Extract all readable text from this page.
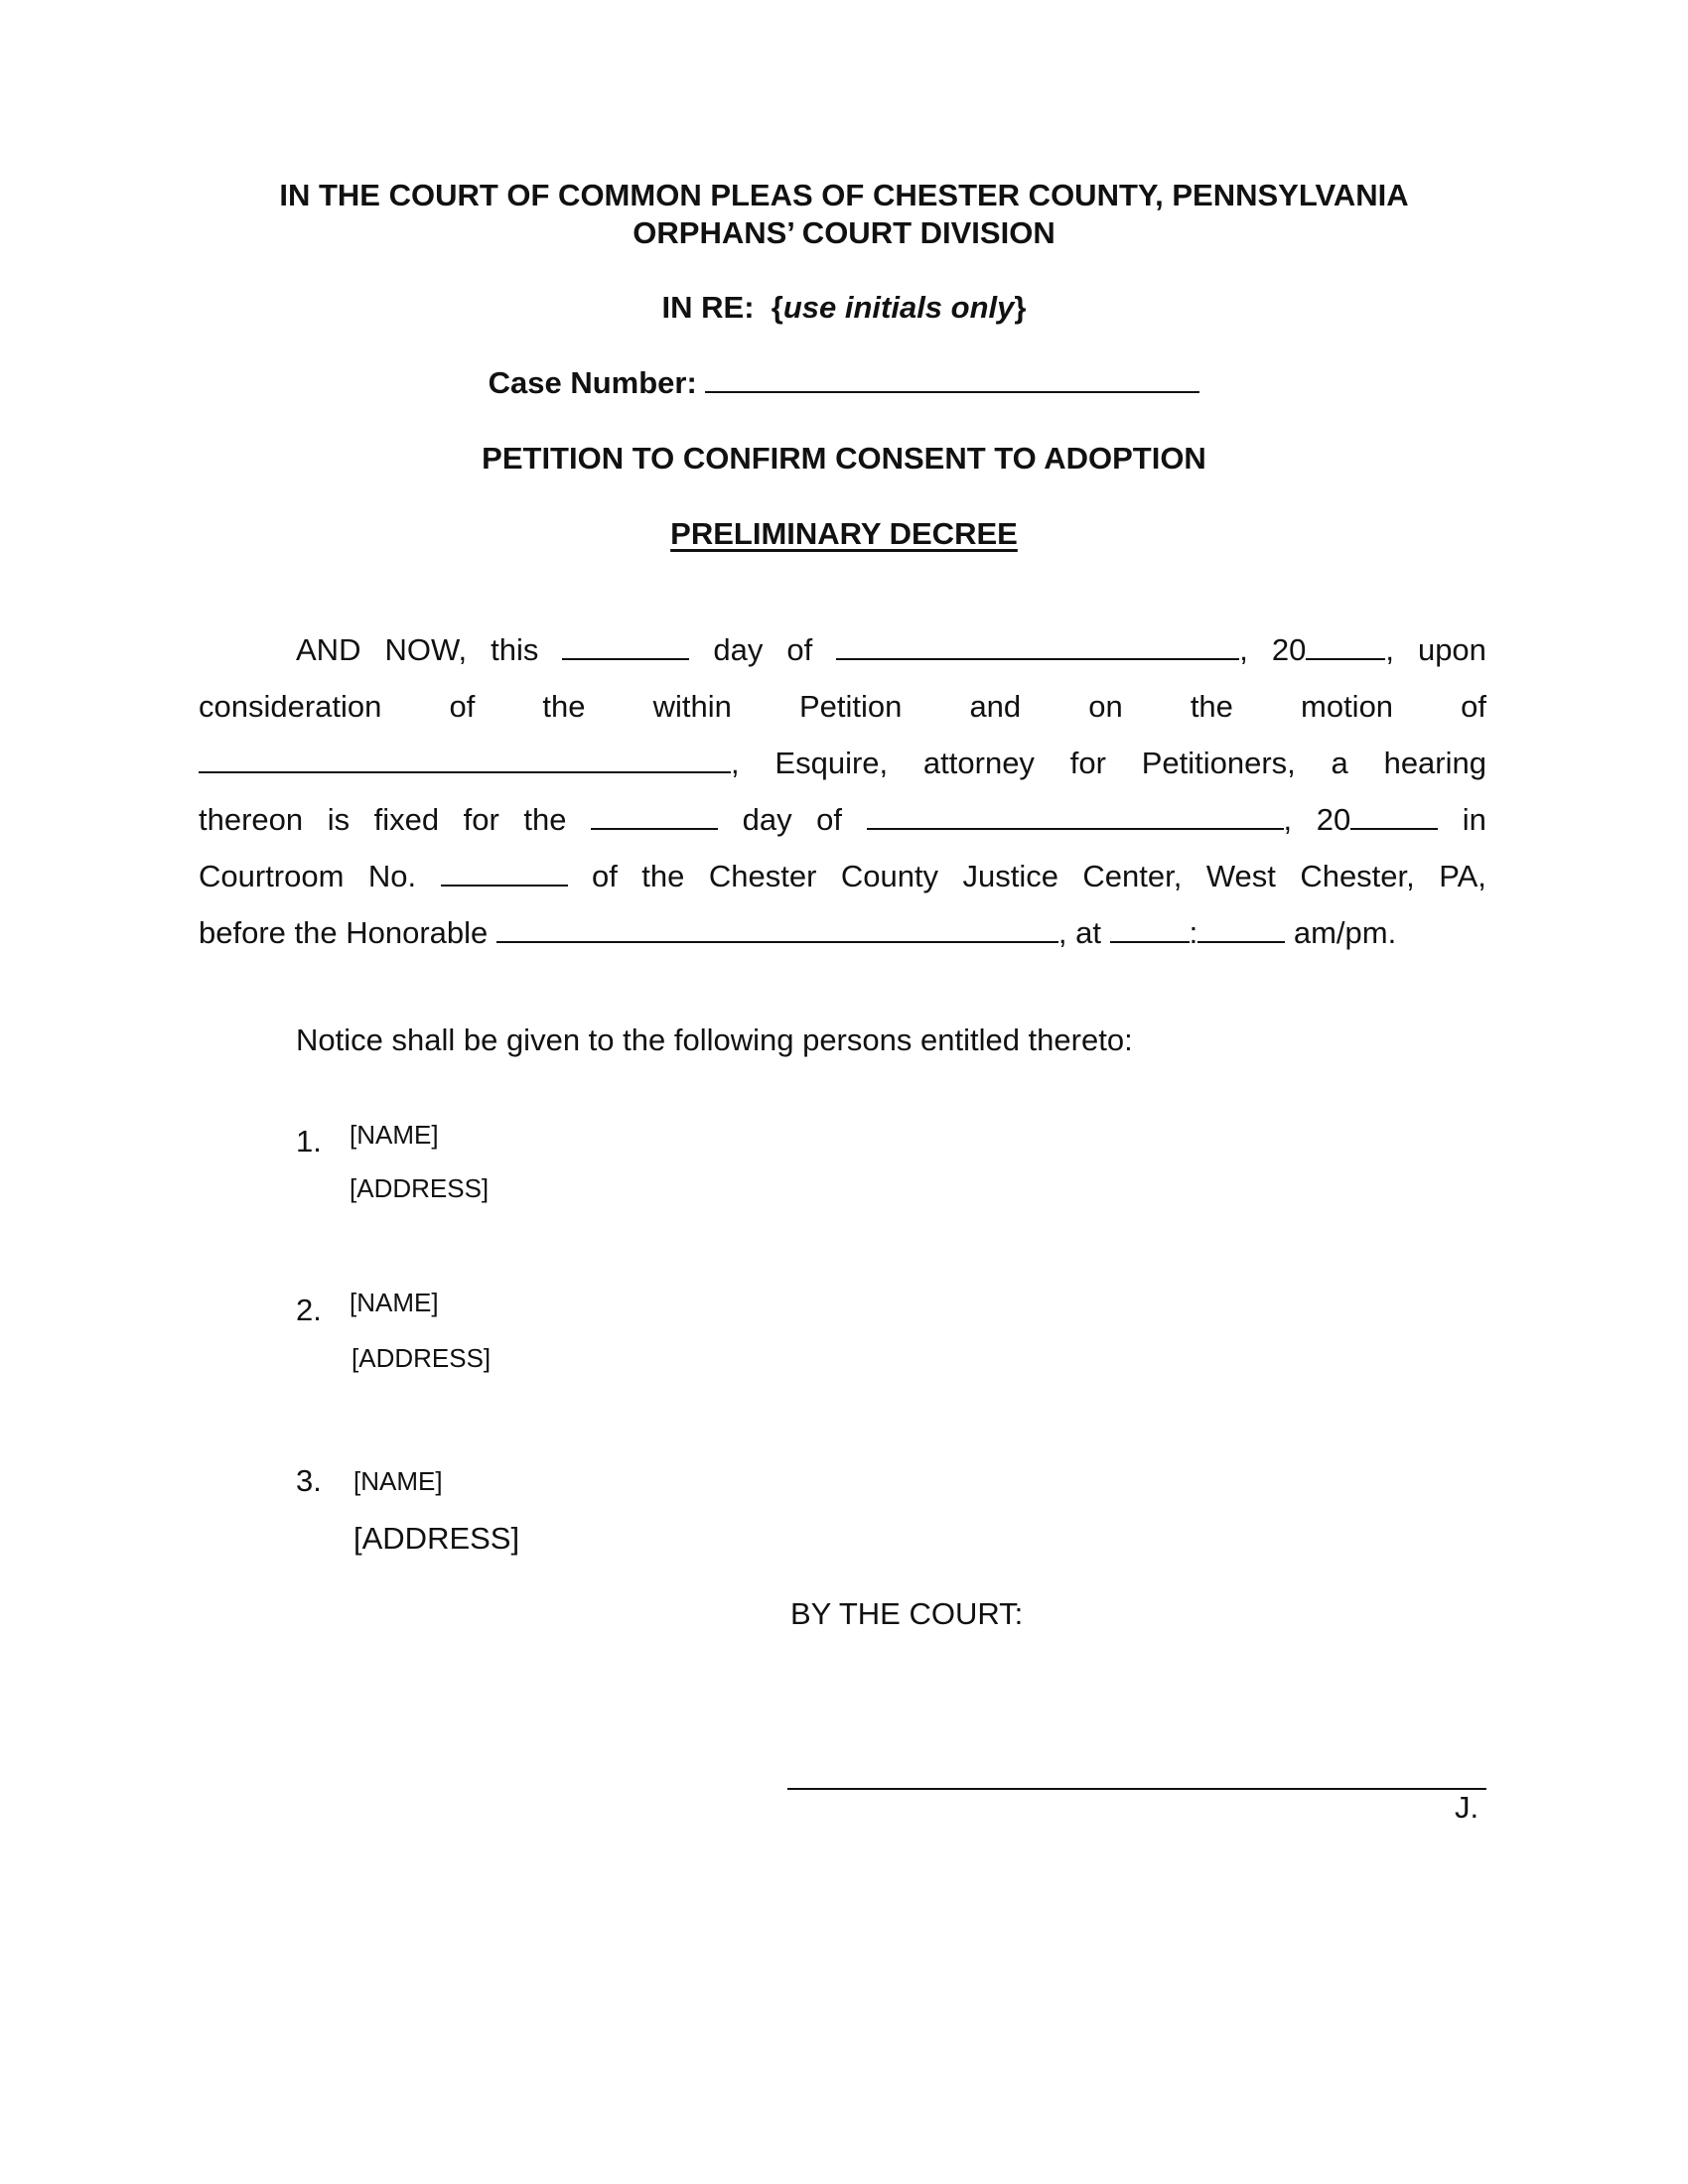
IN THE COURT OF COMMON PLEAS OF CHESTER COUNTY, PENNSYLVANIA
ORPHANS’ COURT DIVISION
IN RE: {use initials only}
Case Number:
PETITION TO CONFIRM CONSENT TO ADOPTION
PRELIMINARY DECREE
AND NOW, this	day of	, 20	, upon
consideration of the within Petition and on the motion of
, Esquire, attorney for Petitioners, a hearing
thereon is fixed for the	day of	, 20	in
Courtroom No.	of the Chester County Justice Center, West Chester, PA,
before the Honorable	, at	:	am/pm.
Notice shall be given to the following persons entitled thereto:
1. [NAME]
[ADDRESS]
2. [NAME]
[ADDRESS]
3. [NAME]
[ADDRESS]
BY THE COURT:
J.
